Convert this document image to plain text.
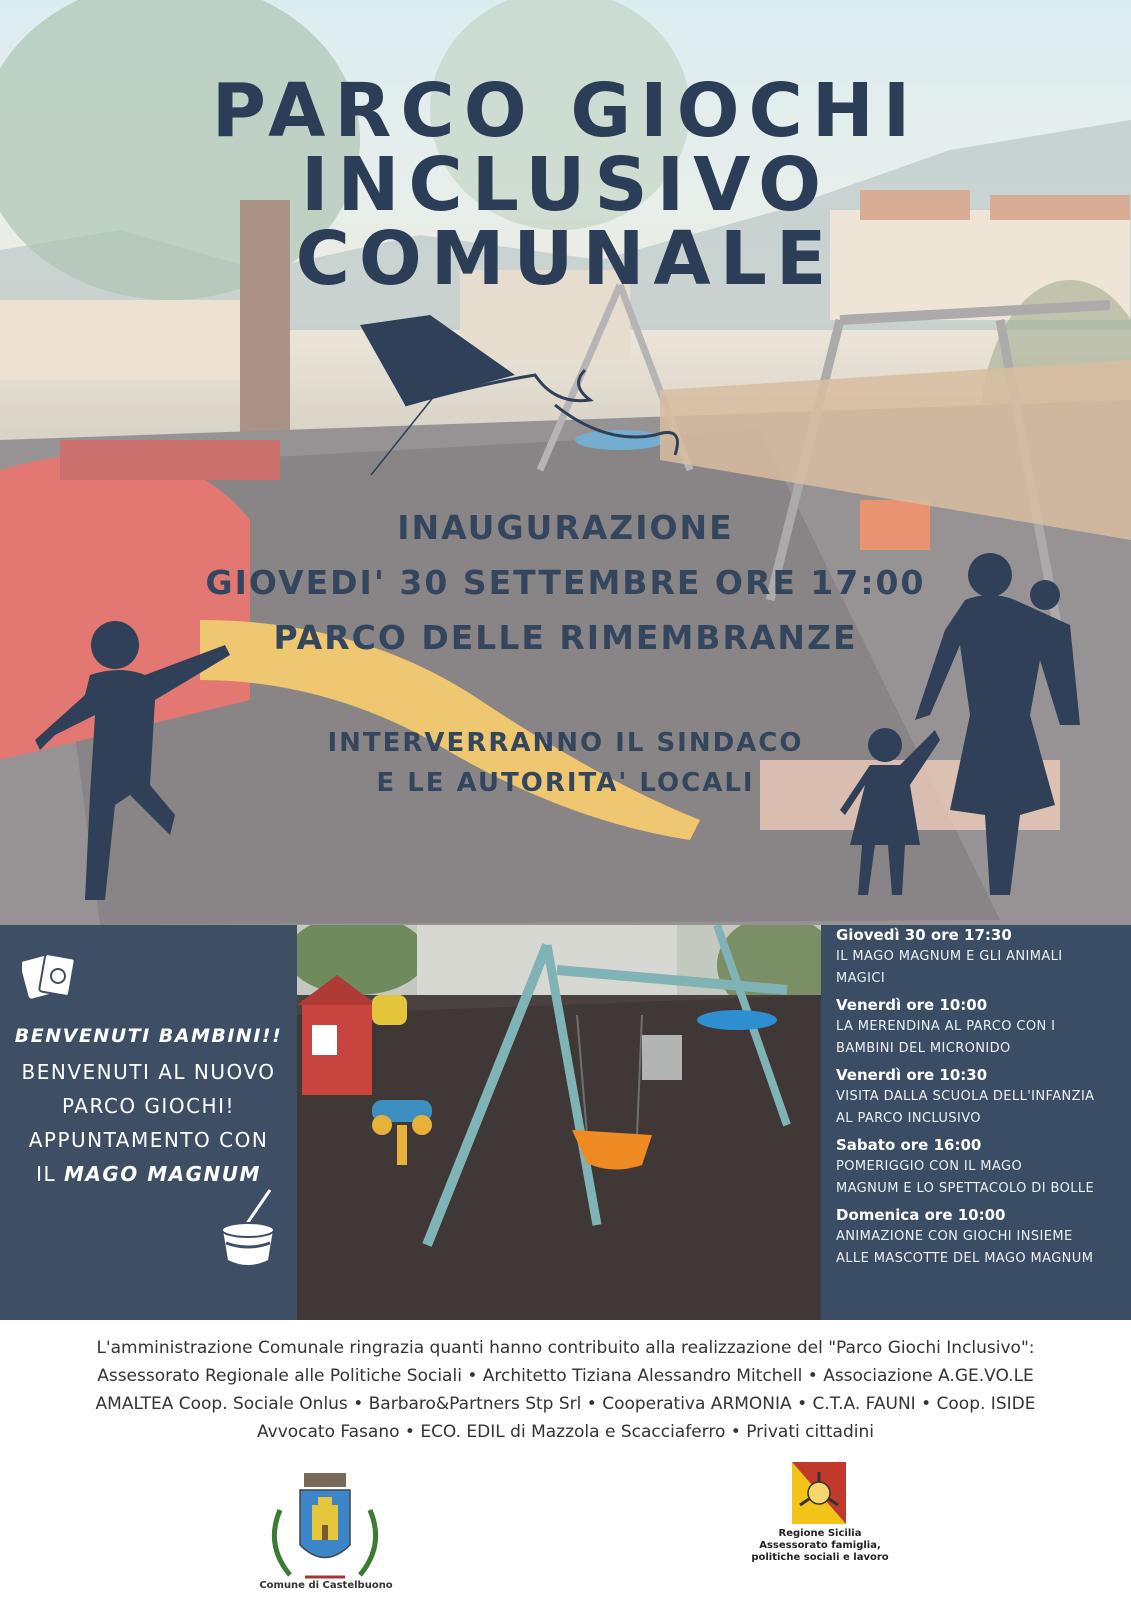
PARCO GIOCHI
INCLUSIVO
COMUNALE
INAUGURAZIONE
GIOVEDI' 30 SETTEMBRE ORE 17:00
PARCO DELLE RIMEMBRANZE
INTERVERRANNO IL SINDACO
E LE AUTORITA' LOCALI
BENVENUTI BAMBINI!!
BENVENUTI AL NUOVO
PARCO GIOCHI!
APPUNTAMENTO CON
IL MAGO MAGNUM
Giovedì 30 ore 17:30
IL MAGO MAGNUM E GLI ANIMALI
MAGICI
Venerdì ore 10:00
LA MERENDINA AL PARCO CON I
BAMBINI DEL MICRONIDO
Venerdì ore 10:30
VISITA DALLA SCUOLA DELL'INFANZIA
AL PARCO INCLUSIVO
Sabato ore 16:00
POMERIGGIO CON IL MAGO
MAGNUM E LO SPETTACOLO DI BOLLE
Domenica ore 10:00
ANIMAZIONE CON GIOCHI INSIEME
ALLE MASCOTTE DEL MAGO MAGNUM
L'amministrazione Comunale ringrazia quanti hanno contribuito alla realizzazione del "Parco Giochi Inclusivo":
Assessorato Regionale alle Politiche Sociali • Architetto Tiziana Alessandro Mitchell • Associazione A.GE.VO.LE
AMALTEA Coop. Sociale Onlus • Barbaro&Partners Stp Srl • Cooperativa ARMONIA • C.T.A. FAUNI • Coop. ISIDE
Avvocato Fasano • ECO. EDIL di Mazzola e Scacciaferro • Privati cittadini
Comune di Castelbuono
Regione Sicilia
Assessorato famiglia,
politiche sociali e lavoro
